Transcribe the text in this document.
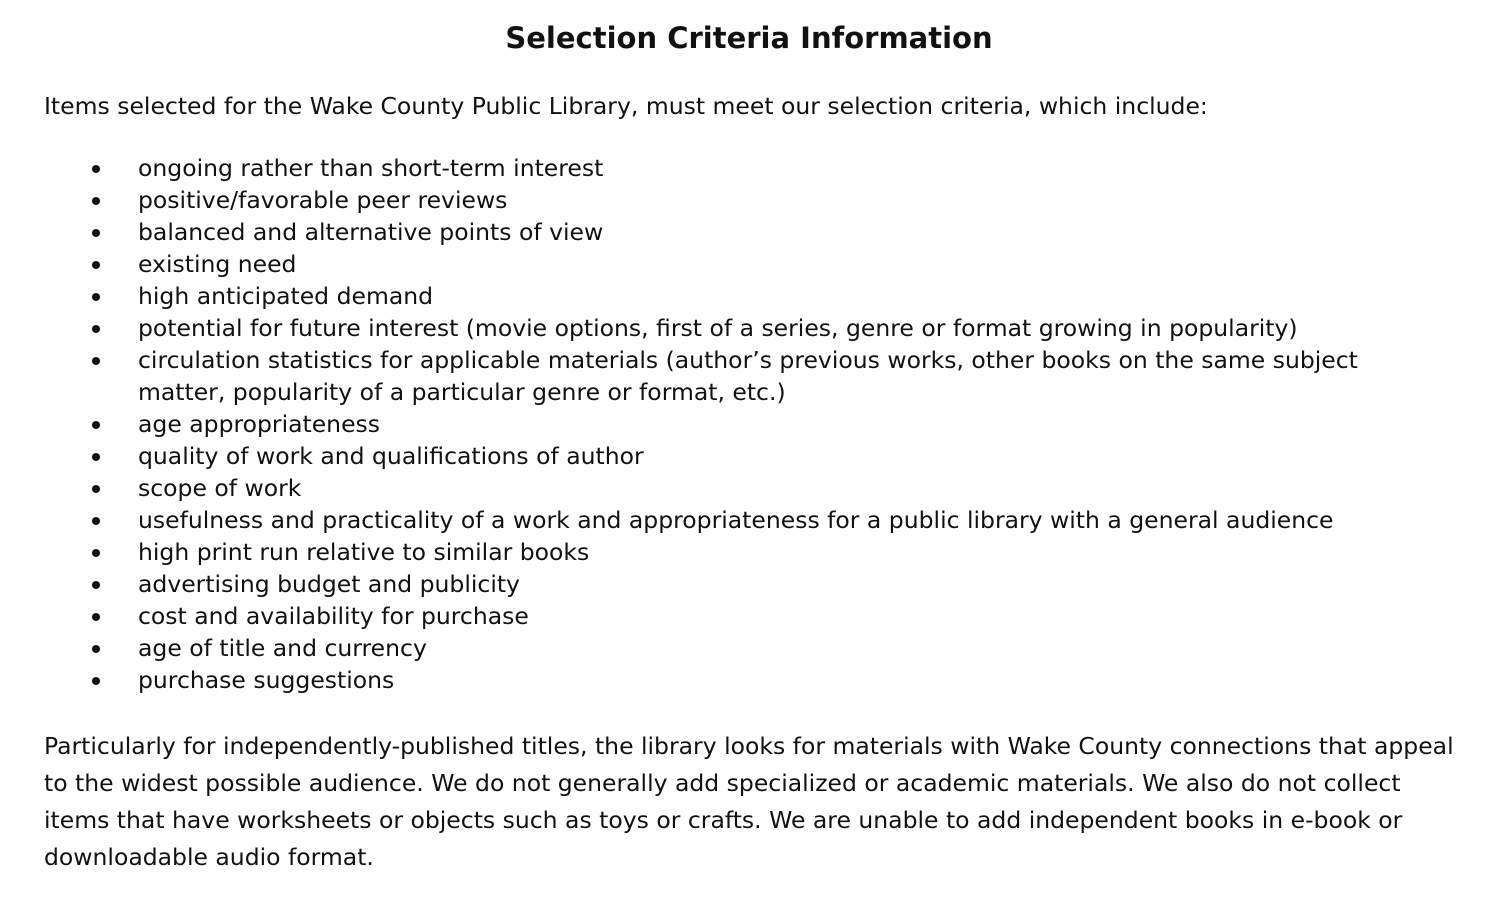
Selection Criteria Information

Items selected for the Wake County Public Library, must meet our selection criteria, which include:

ongoing rather than short-term interest
positive/favorable peer reviews
balanced and alternative points of view
existing need
high anticipated demand
potential for future interest (movie options, first of a series, genre or format growing in popularity)
circulation statistics for applicable materials (author’s previous works, other books on the same subject matter, popularity of a particular genre or format, etc.)
age appropriateness
quality of work and qualifications of author
scope of work
usefulness and practicality of a work and appropriateness for a public library with a general audience
high print run relative to similar books
advertising budget and publicity
cost and availability for purchase
age of title and currency
purchase suggestions

Particularly for independently-published titles, the library looks for materials with Wake County connections that appeal to the widest possible audience. We do not generally add specialized or academic materials. We also do not collect items that have worksheets or objects such as toys or crafts. We are unable to add independent books in e-book or downloadable audio format.
